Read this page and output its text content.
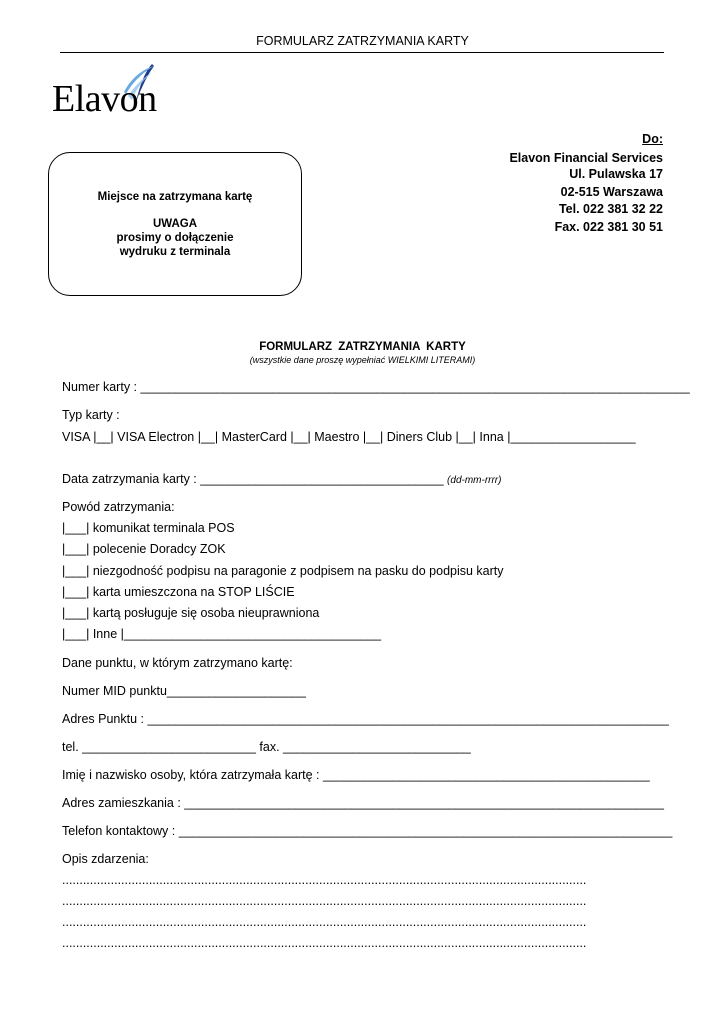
FORMULARZ ZATRZYMANIA KARTY
Elavon
Do:
Elavon Financial Services
Ul. Pulawska 17
02-515 Warszawa
Tel. 022 381 32 22
Fax. 022 381 30 51
Miejsce na zatrzymana kartę
UWAGA
prosimy o dołączenie
wydruku z terminala
FORMULARZ ZATRZYMANIA KARTY
(wszystkie dane proszę wypełniać WIELKIMI LITERAMI)
Numer karty : _______________________________________________________________________________
Typ karty :
VISA |__| VISA Electron |__| MasterCard |__| Maestro |__| Diners Club |__| Inna |__________________
Data zatrzymania karty : ___________________________________ (dd-mm-rrrr)
Powód zatrzymania:
|___| komunikat terminala POS
|___| polecenie Doradcy ZOK
|___| niezgodność podpisu na paragonie z podpisem na pasku do podpisu karty
|___| karta umieszczona na STOP LIŚCIE
|___| kartą posługuje się osoba nieuprawniona
|___| Inne |_____________________________________
Dane punktu, w którym zatrzymano kartę:
Numer MID punktu____________________
Adres Punktu : ___________________________________________________________________________
tel. _________________________ fax. ___________________________
Imię i nazwisko osoby, która zatrzymała kartę : _______________________________________________
Adres zamieszkania : _____________________________________________________________________
Telefon kontaktowy : _______________________________________________________________________
Opis zdarzenia:
.......................................................................................................................................................
.......................................................................................................................................................
.......................................................................................................................................................
.......................................................................................................................................................
